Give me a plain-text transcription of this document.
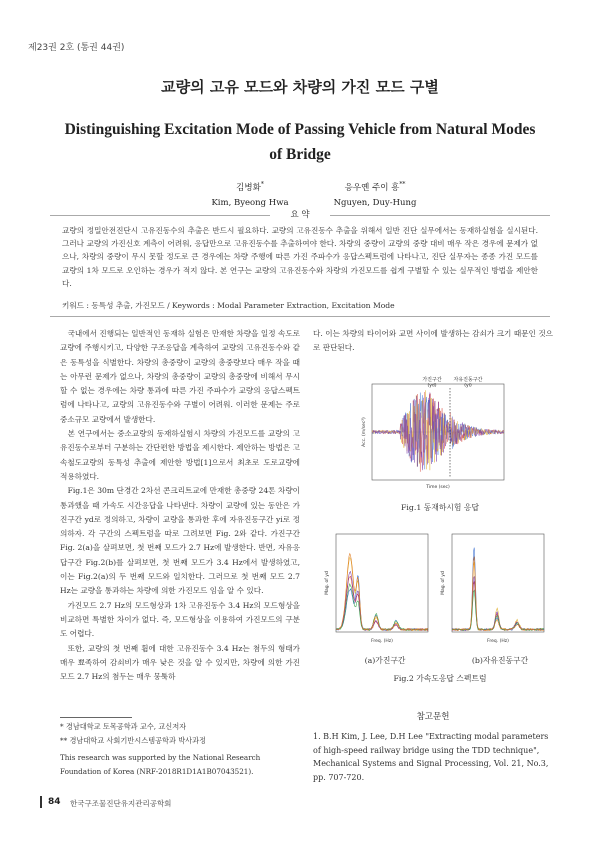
제23권 2호 (통권 44권)
교량의 고유 모드와 차량의 가진 모드 구별
Distinguishing Excitation Mode of Passing Vehicle from Natural Modes of Bridge
김병화*
Kim, Byeong Hwa
응우옌 주이 흥**
Nguyen, Duy-Hung
요 약
교량의 정밀안전진단시 고유진동수의 추출은 반드시 필요하다. 교량의 고유진동수 추출을 위해서 일반 진단 실무에서는 동재하실험을 실시된다. 그러나 교량의 가진신호 계측이 어려워, 응답만으로 고유진동수를 추출하여야 한다. 차량의 중량이 교량의 중량 대비 매우 작은 경우에 문제가 없으나, 차량의 중량이 무시 못할 정도로 큰 경우에는 차량 주행에 따른 가진 주파수가 응답스펙트럼에 나타나고, 진단 실무자는 종종 가진 모드를 교량의 1차 모드로 오인하는 경우가 적지 않다. 본 연구는 교량의 고유진동수와 차량의 가진모드를 쉽게 구별할 수 있는 실무적인 방법을 제안한다.
키워드 : 동특성 추출, 가진모드 / Keywords : Modal Parameter Extraction, Excitation Mode

국내에서 진행되는 일반적인 동재하 실험은 만재한 차량을 일정 속도로 교량에 주행시키고, 다양한 구조응답을 계측하여 교량의 고유진동수와 같은 동특성을 식별한다. 차량의 총중량이 교량의 총중량보다 매우 작을 때는 아무런 문제가 없으나, 차량의 총중량이 교량의 총중량에 비해서 무시할 수 없는 경우에는 차량 통과에 따른 가진 주파수가 교량의 응답스펙트럼에 나타나고, 교량의 고유진동수와 구별이 어려워. 이러한 문제는 주로 중소규모 교량에서 발생한다.

본 연구에서는 중소교량의 동재하실험시 차량의 가진모드를 교량의 고유진동수로부터 구분하는 간단편한 방법을 제시한다. 제안하는 방법은 고속철도교량의 동특성 추출에 제안한 방법[1]으로서 최초로 도로교량에 적용하였다.

Fig.1은 30m 단경간 2차선 콘크리트교에 만재한 총중량 24톤 차량이 통과했을 때 가속도 시간응답을 나타낸다. 차량이 교량에 있는 동안은 가진구간 yd로 정의하고, 차량이 교량을 통과한 후에 자유진동구간 yi로 정의하자. 각 구간의 스펙트럼을 따로 그려보면 Fig. 2와 같다. 가진구간 Fig. 2(a)을 살펴보면, 첫 번째 모드가 2.7 Hz에 발생한다. 반면, 자유응답구간 Fig.2(b)를 살펴보면, 첫 번째 모드가 3.4 Hz에서 발생하였고, 이는 Fig.2(a)의 두 번째 모드와 일치한다. 그러므로 첫 번째 모드 2.7 Hz는 교량을 통과하는 차량에 의한 가진모드 임을 알 수 있다.

가진모드 2.7 Hz의 모드형상과 1차 고유진동수 3.4 Hz의 모드형상을 비교하면 특별한 차이가 없다. 즉, 모드형상을 이용하여 가진모드의 구분도 어렵다.

또한, 교량의 첫 번째 휨에 대한 고유진동수 3.4 Hz는 첨두의 형태가 매우 뾰족하여 감쇠비가 매우 낮은 것을 알 수 있지만, 차량에 의한 가진모드 2.7 Hz의 첨두는 매우 뭉툭하

* 경남대학교 토목공학과 교수, 교신저자
** 경남대학교 사회기반시스템공학과 박사과정
This research was supported by the National Research Foundation of Korea (NRF-2018R1D1A1B07043521).
다. 이는 차량의 타이어와 교면 사이에 발생하는 감쇠가 크기 때문인 것으로 판단된다.
가진구간
(yd)
자유진동구간
(yi)
Time (sec)
Acc. (m/sec²)
Fig.1 동재하시험 응답
Freq. (Hz)
Mag. of yd
Freq. (Hz)
Mag. of yd
(a)가진구간	(b)자유진동구간
Fig.2 가속도응답 스펙트럼
참고문헌
1. B.H Kim, J. Lee, D.H Lee "Extracting modal parameters of high-speed railway bridge using the TDD technique", Mechanical Systems and Signal Processing, Vol. 21, No.3, pp. 707-720.
84 한국구조물진단유지관리공학회
